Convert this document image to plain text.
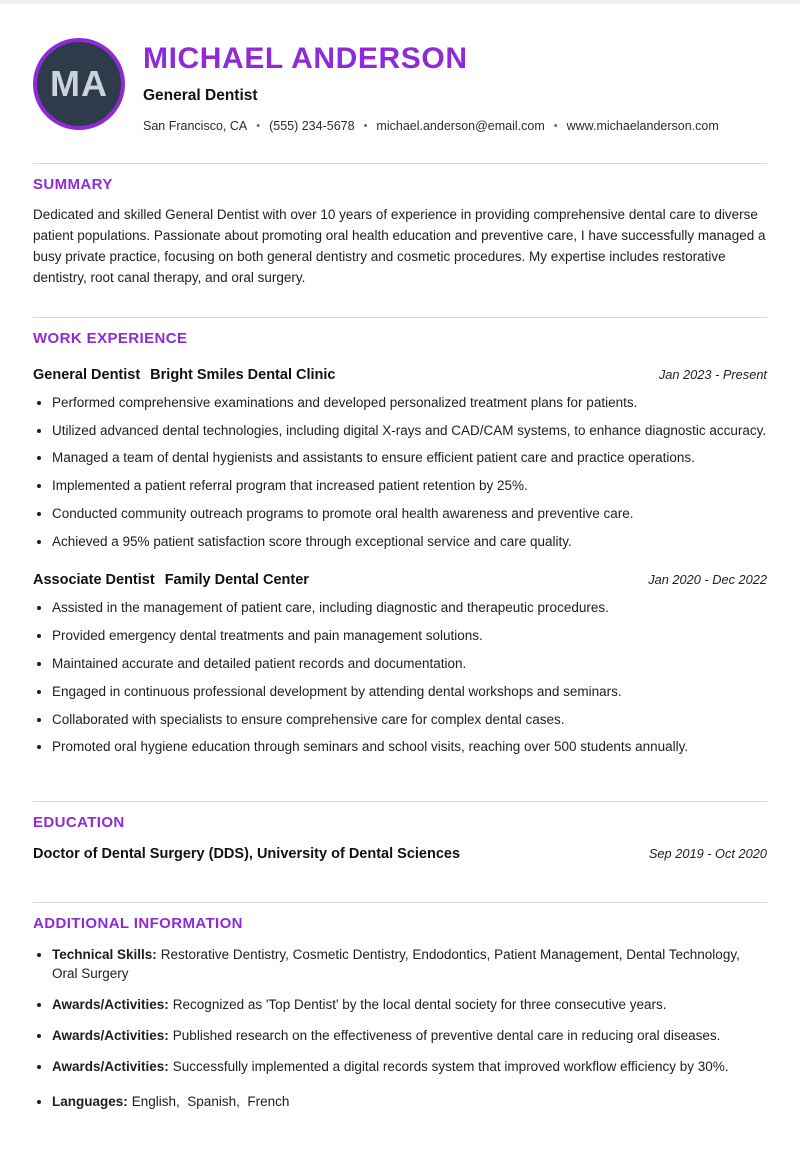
MA
MICHAEL ANDERSON
General Dentist
San Francisco, CA • (555) 234-5678 • michael.anderson@email.com • www.michaelanderson.com
SUMMARY

Dedicated and skilled General Dentist with over 10 years of experience in providing comprehensive dental care to diverse patient populations. Passionate about promoting oral health education and preventive care, I have successfully managed a busy private practice, focusing on both general dentistry and cosmetic procedures. My expertise includes restorative dentistry, root canal therapy, and oral surgery.

WORK EXPERIENCE
General Dentist Bright Smiles Dental Clinic	Jan 2023 - Present
• Performed comprehensive examinations and developed personalized treatment plans for patients.
• Utilized advanced dental technologies, including digital X-rays and CAD/CAM systems, to enhance diagnostic accuracy.
• Managed a team of dental hygienists and assistants to ensure efficient patient care and practice operations.
• Implemented a patient referral program that increased patient retention by 25%.
• Conducted community outreach programs to promote oral health awareness and preventive care.
• Achieved a 95% patient satisfaction score through exceptional service and care quality.
Associate Dentist Family Dental Center	Jan 2020 - Dec 2022
• Assisted in the management of patient care, including diagnostic and therapeutic procedures.
• Provided emergency dental treatments and pain management solutions.
• Maintained accurate and detailed patient records and documentation.
• Engaged in continuous professional development by attending dental workshops and seminars.
• Collaborated with specialists to ensure comprehensive care for complex dental cases.
• Promoted oral hygiene education through seminars and school visits, reaching over 500 students annually.
EDUCATION
Doctor of Dental Surgery (DDS), University of Dental Sciences	Sep 2019 - Oct 2020
ADDITIONAL INFORMATION
• Technical Skills: Restorative Dentistry, Cosmetic Dentistry, Endodontics, Patient Management, Dental Technology, Oral Surgery
• Awards/Activities: Recognized as 'Top Dentist' by the local dental society for three consecutive years.
• Awards/Activities: Published research on the effectiveness of preventive dental care in reducing oral diseases.
• Awards/Activities: Successfully implemented a digital records system that improved workflow efficiency by 30%.
• Languages: English,  Spanish,  French
